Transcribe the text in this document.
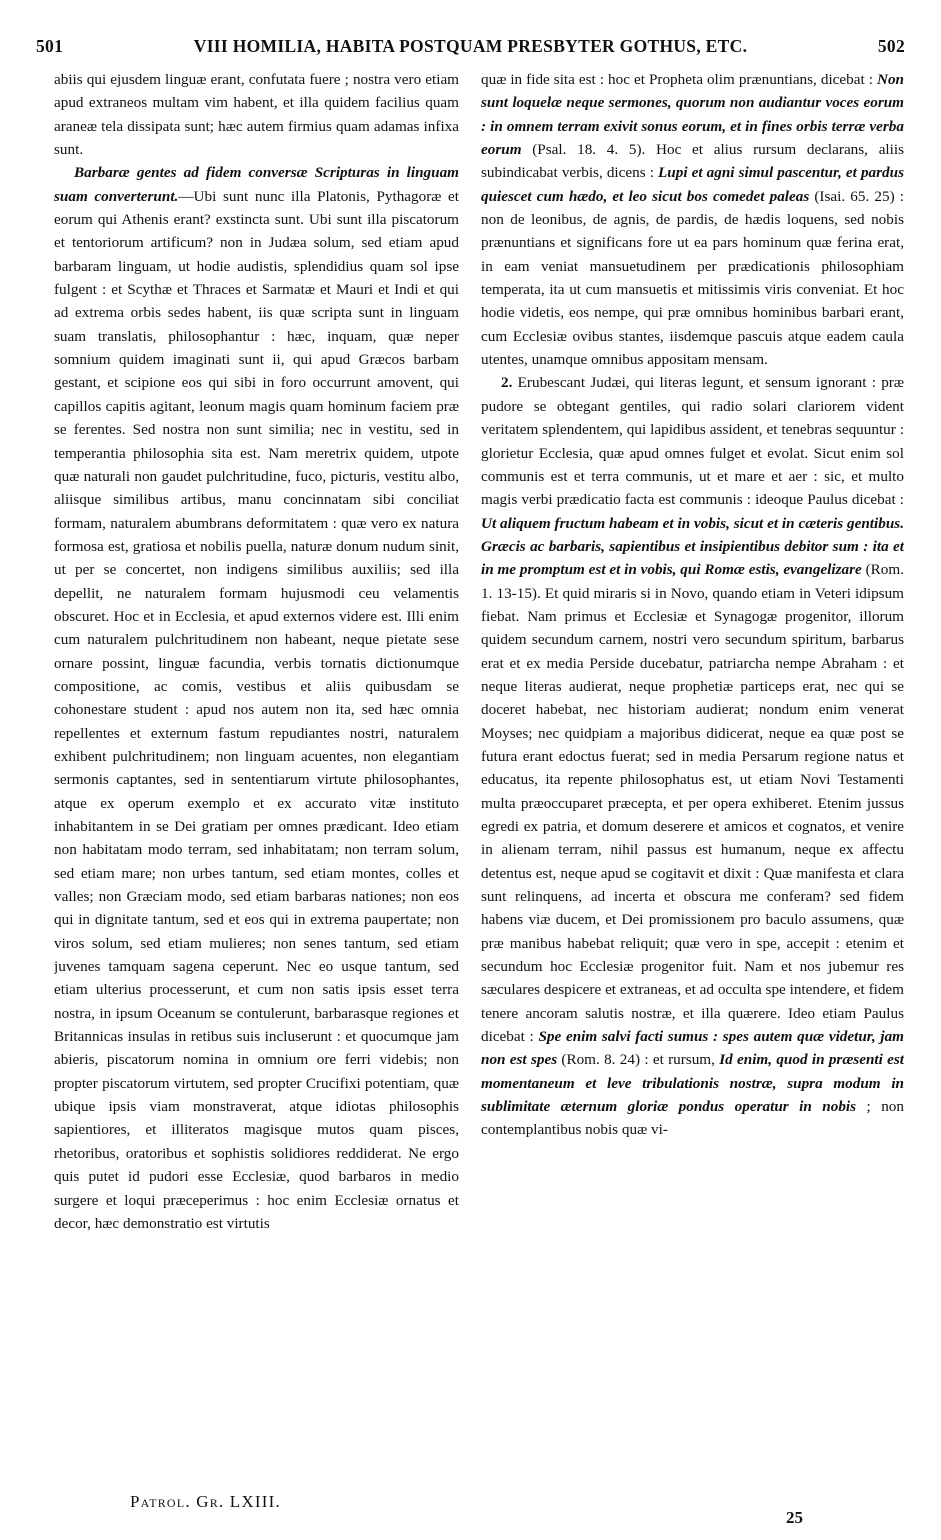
501	VIII HOMILIA, HABITA POSTQUAM PRESBYTER GOTHUS, ETC.	502

abiis qui ejusdem linguæ erant, confutata fuere ; nostra vero etiam apud extraneos multam vim habent, et illa quidem facilius quam araneæ tela dissipata sunt; hæc autem firmius quam adamas infixa sunt.

Barbaræ gentes ad fidem conversæ Scripturas in linguam suam converterunt.—Ubi sunt nunc illa Platonis, Pythagoræ et eorum qui Athenis erant? exstincta sunt. Ubi sunt illa piscatorum et tentoriorum artificum? non in Judæa solum, sed etiam apud barbaram linguam, ut hodie audistis, splendidius quam sol ipse fulgent : et Scythæ et Thraces et Sarmatæ et Mauri et Indi et qui ad extrema orbis sedes habent, iis quæ scripta sunt in linguam suam translatis, philosophantur : hæc, inquam, quæ neper somnium quidem imaginati sunt ii, qui apud Græcos barbam gestant, et scipione eos qui sibi in foro occurrunt amovent, qui capillos capitis agitant, leonum magis quam hominum faciem præ se ferentes. Sed nostra non sunt similia; nec in vestitu, sed in temperantia philosophia sita est. Nam meretrix quidem, utpote quæ naturali non gaudet pulchritudine, fuco, picturis, vestitu albo, aliisque similibus artibus, manu concinnatam sibi conciliat formam, naturalem abumbrans deformitatem : quæ vero ex natura formosa est, gratiosa et nobilis puella, naturæ donum nudum sinit, ut per se concertet, non indigens similibus auxiliis; sed illa depellit, ne naturalem formam hujusmodi ceu velamentis obscuret. Hoc et in Ecclesia, et apud externos videre est. Illi enim cum naturalem pulchritudinem non habeant, neque pietate sese ornare possint, linguæ facundia, verbis tornatis dictionumque compositione, ac comis, vestibus et aliis quibusdam se cohonestare student : apud nos autem non ita, sed hæc omnia repellentes et externum fastum repudiantes nostri, naturalem exhibent pulchritudinem; non linguam acuentes, non elegantiam sermonis captantes, sed in sententiarum virtute philosophantes, atque ex operum exemplo et ex accurato vitæ instituto inhabitantem in se Dei gratiam per omnes prædicant. Ideo etiam non habitatam modo terram, sed inhabitatam; non terram solum, sed etiam mare; non urbes tantum, sed etiam montes, colles et valles; non Græciam modo, sed etiam barbaras nationes; non eos qui in dignitate tantum, sed et eos qui in extrema paupertate; non viros solum, sed etiam mulieres; non senes tantum, sed etiam juvenes tamquam sagena ceperunt. Nec eo usque tantum, sed etiam ulterius processerunt, et cum non satis ipsis esset terra nostra, in ipsum Oceanum se contulerunt, barbarasque regiones et Britannicas insulas in retibus suis incluserunt : et quocumque jam abieris, piscatorum nomina in omnium ore ferri videbis; non propter piscatorum virtutem, sed propter Crucifixi potentiam, quæ ubique ipsis viam monstraverat, atque idiotas philosophis sapientiores, et illiteratos magisque mutos quam pisces, rhetoribus, oratoribus et sophistis solidiores reddiderat. Ne ergo quis putet id pudori esse Ecclesiæ, quod barbaros in medio surgere et loqui præceperimus : hoc enim Ecclesiæ ornatus et decor, hæc demonstratio est virtutis

quæ in fide sita est : hoc et Propheta olim prænuntians, dicebat : Non sunt loquelæ neque sermones, quorum non audiantur voces eorum : in omnem terram exivit sonus eorum, et in fines orbis terræ verba eorum (Psal. 18. 4. 5). Hoc et alius rursum declarans, aliis subindicabat verbis, dicens : Lupi et agni simul pascentur, et pardus quiescet cum hædo, et leo sicut bos comedet paleas (Isai. 65. 25) : non de leonibus, de agnis, de pardis, de hædis loquens, sed nobis prænuntians et significans fore ut ea pars hominum quæ ferina erat, in eam veniat mansuetudinem per prædicationis philosophiam temperata, ita ut cum mansuetis et mitissimis viris conveniat. Et hoc hodie videtis, eos nempe, qui præ omnibus hominibus barbari erant, cum Ecclesiæ ovibus stantes, iisdemque pascuis atque eadem caula utentes, unamque omnibus appositam mensam.

2. Erubescant Judæi, qui literas legunt, et sensum ignorant : præ pudore se obtegant gentiles, qui radio solari clariorem vident veritatem splendentem, qui lapidibus assident, et tenebras sequuntur : glorietur Ecclesia, quæ apud omnes fulget et evolat. Sicut enim sol communis est et terra communis, ut et mare et aer : sic, et multo magis verbi prædicatio facta est communis : ideoque Paulus dicebat : Ut aliquem fructum habeam et in vobis, sicut et in cæteris gentibus. Græcis ac barbaris, sapientibus et insipientibus debitor sum : ita et in me promptum est et in vobis, qui Romæ estis, evangelizare (Rom. 1. 13-15). Et quid miraris si in Novo, quando etiam in Veteri idipsum fiebat. Nam primus et Ecclesiæ et Synagogæ progenitor, illorum quidem secundum carnem, nostri vero secundum spiritum, barbarus erat et ex media Perside ducebatur, patriarcha nempe Abraham : et neque literas audierat, neque prophetiæ particeps erat, nec qui se doceret habebat, nec historiam audierat; nondum enim venerat Moyses; nec quidpiam a majoribus didicerat, neque ea quæ post se futura erant edoctus fuerat; sed in media Persarum regione natus et educatus, ita repente philosophatus est, ut etiam Novi Testamenti multa præoccuparet præcepta, et per opera exhiberet. Etenim jussus egredi ex patria, et domum deserere et amicos et cognatos, et venire in alienam terram, nihil passus est humanum, neque ex affectu detentus est, neque apud se cogitavit et dixit : Quæ manifesta et clara sunt relinquens, ad incerta et obscura me conferam? sed fidem habens viæ ducem, et Dei promissionem pro baculo assumens, quæ præ manibus habebat reliquit; quæ vero in spe, accepit : etenim et secundum hoc Ecclesiæ progenitor fuit. Nam et nos jubemur res sæculares despicere et extraneas, et ad occulta spe intendere, et fidem tenere ancoram salutis nostræ, et illa quærere. Ideo etiam Paulus dicebat : Spe enim salvi facti sumus : spes autem quæ videtur, jam non est spes (Rom. 8. 24) : et rursum, Id enim, quod in præsenti est momentaneum et leve tribulationis nostræ, supra modum in sublimitate æternum gloriæ pondus operatur in nobis ; non contemplantibus nobis quæ vi-

Patrol. Gr. LXIII.
25
